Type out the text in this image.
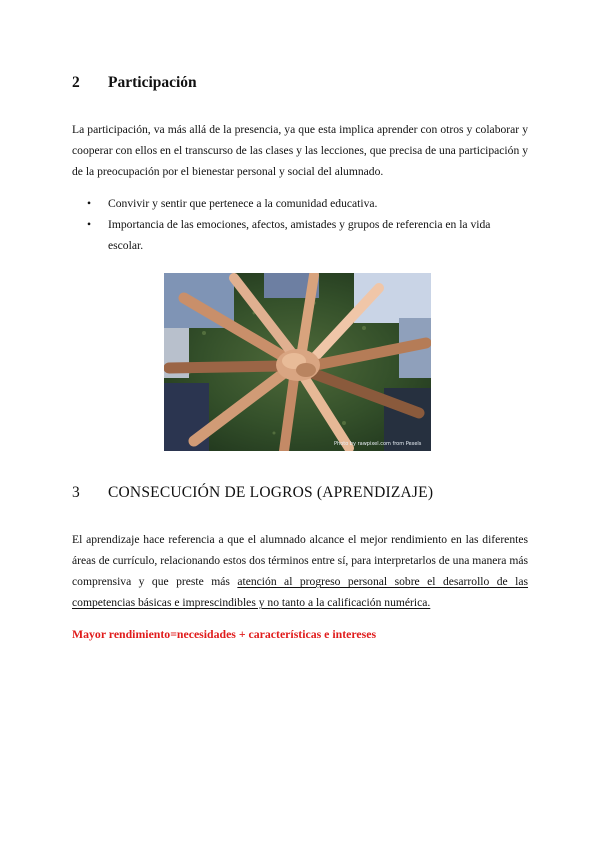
2 Participación

La participación, va más allá de la presencia, ya que esta implica aprender con otros y colaborar y cooperar con ellos en el transcurso de las clases y las lecciones, que precisa de una participación y de la preocupación por el bienestar personal y social del alumnado.

• Convivir y sentir que pertenece a la comunidad educativa.
• Importancia de las emociones, afectos, amistades y grupos de referencia en la vida escolar.
Photo by rawpixel.com from Pexels
3 CONSECUCIÓN DE LOGROS (APRENDIZAJE)

El aprendizaje hace referencia a que el alumnado alcance el mejor rendimiento en las diferentes áreas de currículo, relacionando estos dos términos entre sí, para interpretarlos de una manera más comprensiva y que preste más atención al progreso personal sobre el desarrollo de las competencias básicas e imprescindibles y no tanto a la calificación numérica.

Mayor rendimiento=necesidades + características e intereses
